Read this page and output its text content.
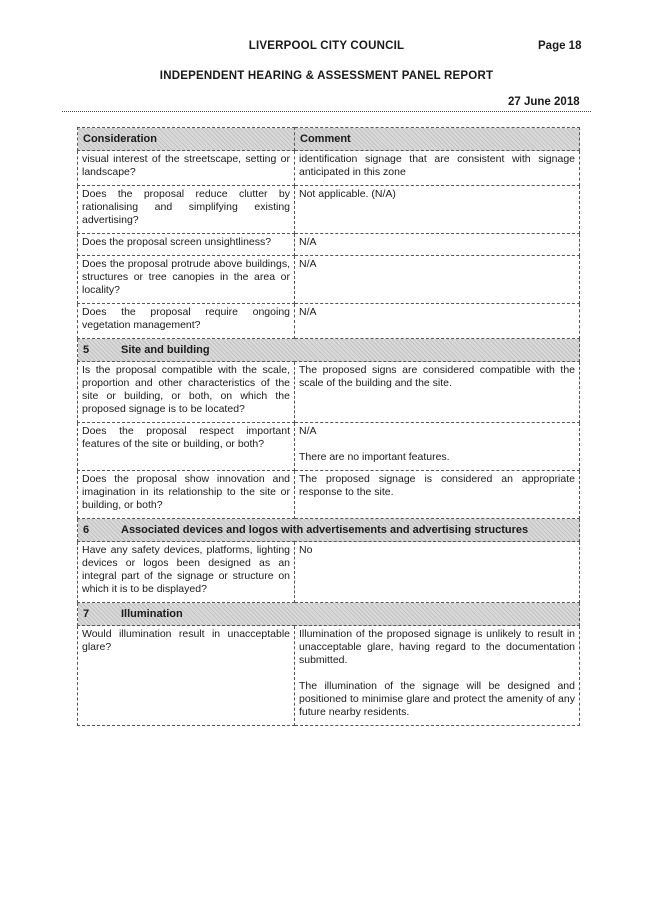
LIVERPOOL CITY COUNCIL	Page 18
INDEPENDENT HEARING & ASSESSMENT PANEL REPORT
27 June 2018
Consideration	Comment
visual interest of the streetscape, setting or landscape?	identification signage that are consistent with signage anticipated in this zone
Does the proposal reduce clutter by rationalising and simplifying existing advertising?	Not applicable. (N/A)
Does the proposal screen unsightliness?	N/A
Does the proposal protrude above buildings, structures or tree canopies in the area or locality?	N/A
Does the proposal require ongoing vegetation management?	N/A
5 Site and building	
Is the proposal compatible with the scale, proportion and other characteristics of the site or building, or both, on which the proposed signage is to be located?	The proposed signs are considered compatible with the scale of the building and the site.
Does the proposal respect important features of the site or building, or both?	N/A
There are no important features.

Does the proposal show innovation and imagination in its relationship to the site or building, or both?	The proposed signage is considered an appropriate response to the site.
6 Associated devices and logos with advertisements and advertising structures	
Have any safety devices, platforms, lighting devices or logos been designed as an integral part of the signage or structure on which it is to be displayed?	No
7 Illumination	
Would illumination result in unacceptable glare?	Illumination of the proposed signage is unlikely to result in unacceptable glare, having regard to the documentation submitted.
The illumination of the signage will be designed and positioned to minimise glare and protect the amenity of any future nearby residents.
